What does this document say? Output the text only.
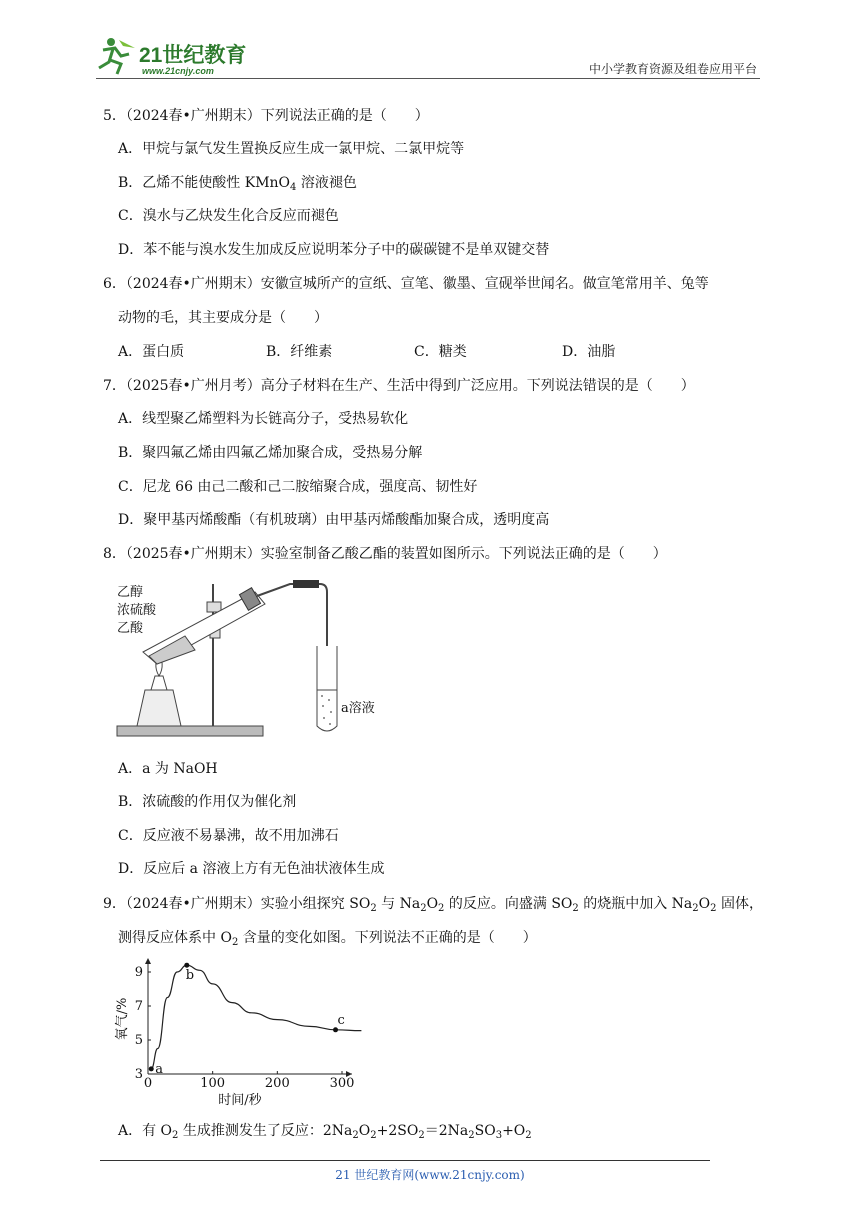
21世纪教育
www.21cnjy.com	中小学教育资源及组卷应用平台
5．（2024春•广州期末）下列说法正确的是（　　）
A．甲烷与氯气发生置换反应生成一氯甲烷、二氯甲烷等
B．乙烯不能使酸性 KMnO$_4$ 溶液褪色
C．溴水与乙炔发生化合反应而褪色
D．苯不能与溴水发生加成反应说明苯分子中的碳碳键不是单双键交替
6．（2024春•广州期末）安徽宣城所产的宣纸、宣笔、徽墨、宣砚举世闻名。做宣笔常用羊、兔等
动物的毛，其主要成分是（　　）
A．蛋白质	B．纤维素	C．糖类	D．油脂
7．（2025春•广州月考）高分子材料在生产、生活中得到广泛应用。下列说法错误的是（　　）
A．线型聚乙烯塑料为长链高分子，受热易软化
B．聚四氟乙烯由四氟乙烯加聚合成，受热易分解
C．尼龙 66 由己二酸和己二胺缩聚合成，强度高、韧性好
D．聚甲基丙烯酸酯（有机玻璃）由甲基丙烯酸酯加聚合成，透明度高
8．（2025春•广州期末）实验室制备乙酸乙酯的装置如图所示。下列说法正确的是（　　）
乙醇
浓硫酸
乙酸
a溶液
A．a 为 NaOH
B．浓硫酸的作用仅为催化剂
C．反应液不易暴沸，故不用加沸石
D．反应后 a 溶液上方有无色油状液体生成
9．（2024春•广州期末）实验小组探究 $SO_2$ 与 $Na_2O_2$ 的反应。向盛满 $SO_2$ 的烧瓶中加入 $Na_2O_2$ 固体，
测得反应体系中 $O_2$ 含量的变化如图。下列说法不正确的是（　　）
0	100	200	300
3
5
7
9
a
b
c
氧气/%
时间/秒
A．有 $O_2$ 生成推测发生了反应：$2Na_2O_2+2SO_2=2Na_2SO_3+O_2$
21 世纪教育网(www.21cnjy.com)
